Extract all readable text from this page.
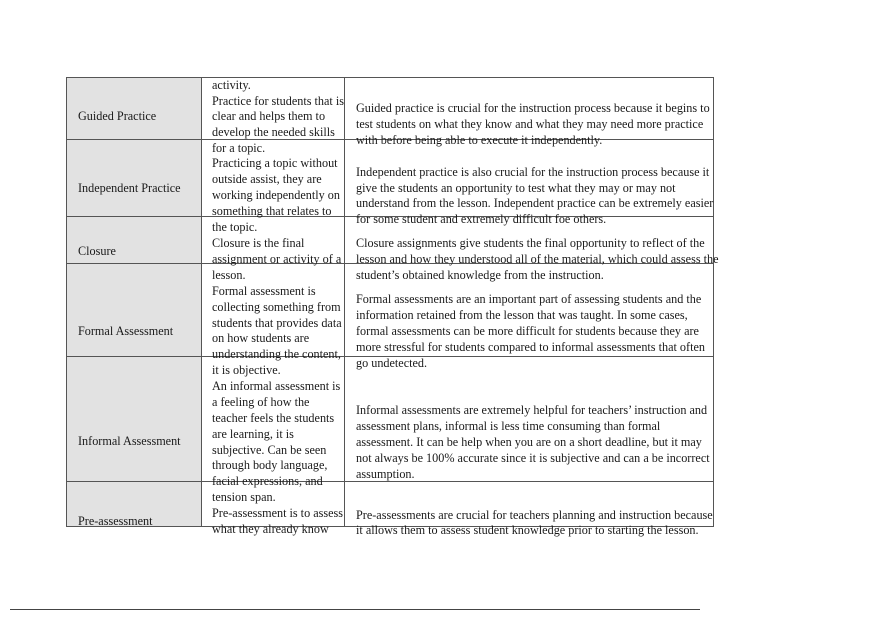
Guided Practice
activity.
Practice for students that is
clear and helps them to
develop the needed skills
Guided practice is crucial for the instruction process because it begins to
test students on what they know and what they may need more practice
with before being able to execute it independently.
Independent Practice
for a topic.
Practicing a topic without
outside assist, they are
working independently on
something that relates to
Independent practice is also crucial for the instruction process because it
give the students an opportunity to test what they may or may not
understand from the lesson. Independent practice can be extremely easier
for some student and extremely difficult foe others.
Closure
the topic.
Closure is the final
assignment or activity of a
Closure assignments give students the final opportunity to reflect of the
lesson and how they understood all of the material, which could assess the
student’s obtained knowledge from the instruction.
Formal Assessment
lesson.
Formal assessment is
collecting something from
students that provides data
on how students are
understanding the content,
Formal assessments are an important part of assessing students and the
information retained from the lesson that was taught. In some cases,
formal assessments can be more difficult for students because they are
more stressful for students compared to informal assessments that often
go undetected.
Informal Assessment
it is objective.
An informal assessment is
a feeling of how the
teacher feels the students
are learning, it is
subjective. Can be seen
through body language,
facial expressions, and
Informal assessments are extremely helpful for teachers’ instruction and
assessment plans, informal is less time consuming than formal
assessment. It can be help when you are on a short deadline, but it may
not always be 100% accurate since it is subjective and can a be incorrect
assumption.
Pre-assessment
tension span.
Pre-assessment is to assess
what they already know
Pre-assessments are crucial for teachers planning and instruction because
it allows them to assess student knowledge prior to starting the lesson.
